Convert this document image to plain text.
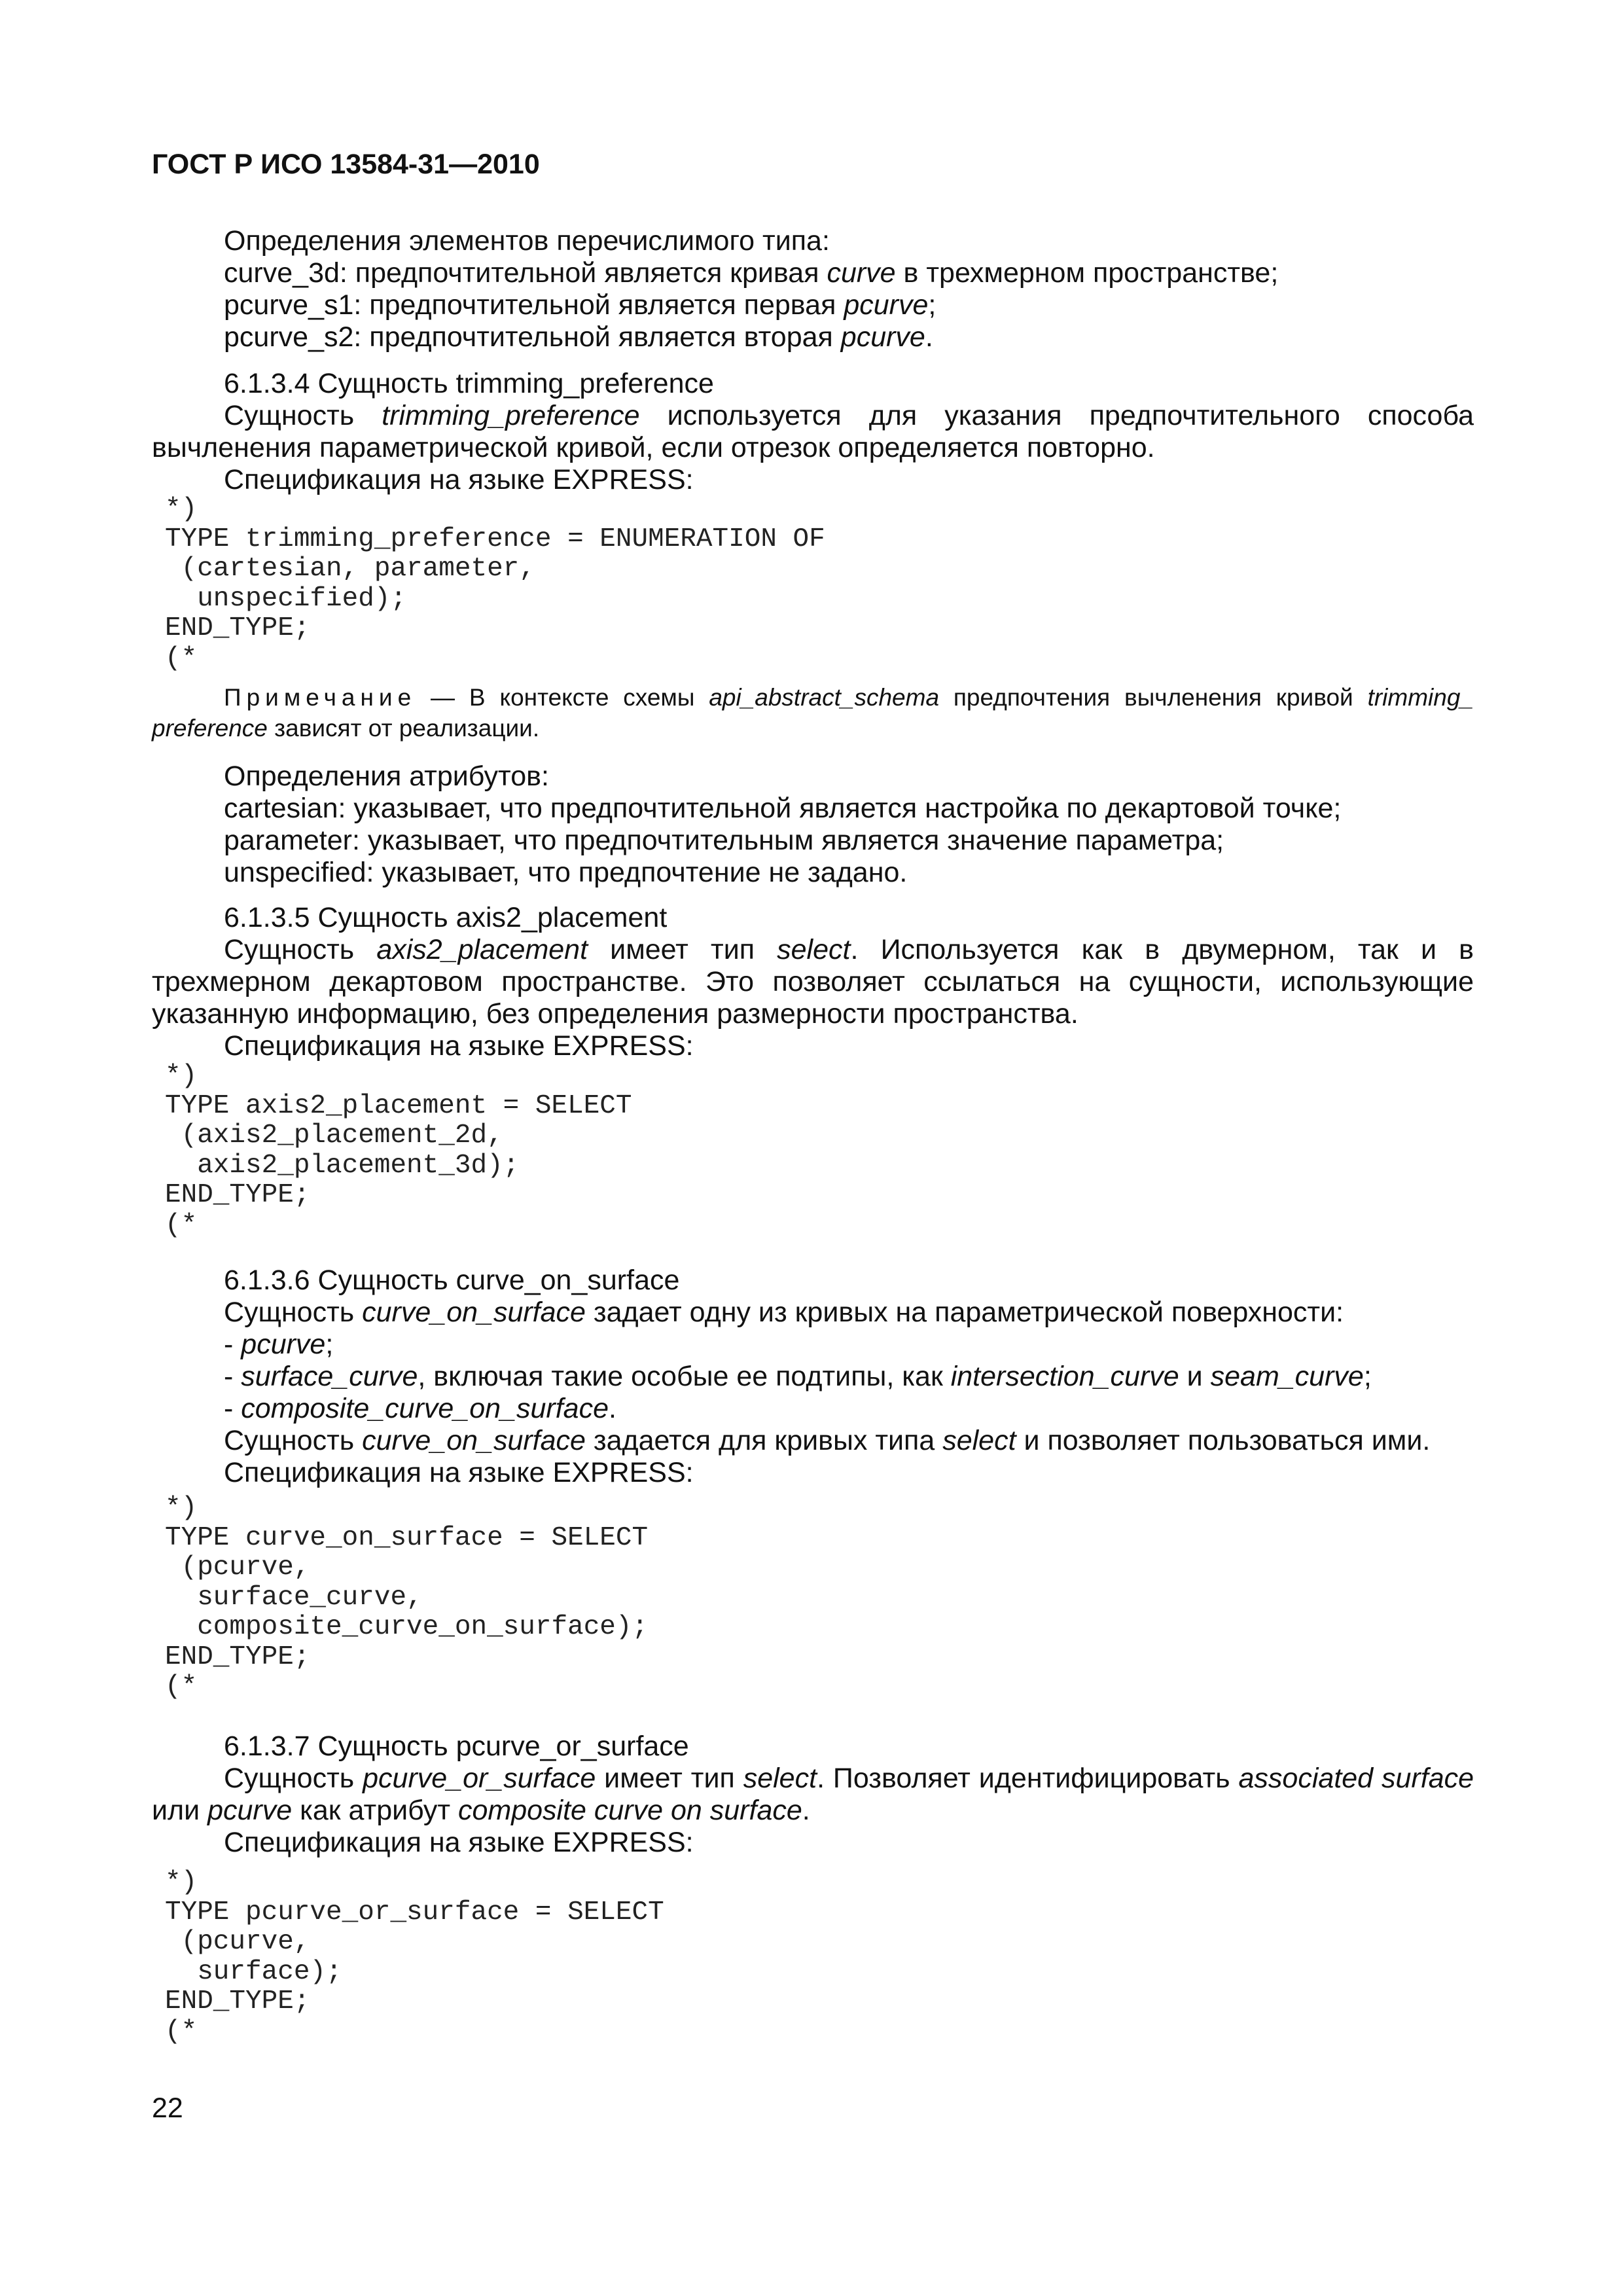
ГОСТ Р ИСО 13584-31—2010

Определения элементов перечислимого типа:

curve_3d: предпочтительной является кривая curve в трехмерном пространстве;

pcurve_s1: предпочтительной является первая pcurve;

pcurve_s2: предпочтительной является вторая pcurve.

6.1.3.4 Сущность trimming_preference

Сущность trimming_preference используется для указания предпочтительного способа вычленения параметрической кривой, если отрезок определяется повторно.

Спецификация на языке EXPRESS:

*)
TYPE trimming_preference = ENUMERATION OF
(cartesian, parameter,
unspecified);
END_TYPE;
(*

Примечание — В контексте схемы api_abstract_schema предпочтения вычленения кривой trimming_ preference зависят от реализации.

Определения атрибутов:

cartesian: указывает, что предпочтительной является настройка по декартовой точке;

parameter: указывает, что предпочтительным является значение параметра;

unspecified: указывает, что предпочтение не задано.

6.1.3.5 Сущность axis2_placement

Сущность axis2_placement имеет тип select. Используется как в двумерном, так и в трехмерном декартовом пространстве. Это позволяет ссылаться на сущности, использующие указанную информацию, без определения размерности пространства.

Спецификация на языке EXPRESS:

*)
TYPE axis2_placement = SELECT
(axis2_placement_2d,
axis2_placement_3d);
END_TYPE;
(*

6.1.3.6 Сущность curve_on_surface

Сущность curve_on_surface задает одну из кривых на параметрической поверхности:

- pcurve;

- surface_curve, включая такие особые ее подтипы, как intersection_curve и seam_curve;

- composite_curve_on_surface.

Сущность curve_on_surface задается для кривых типа select и позволяет пользоваться ими.

Спецификация на языке EXPRESS:

*)
TYPE curve_on_surface = SELECT
(pcurve,
surface_curve,
composite_curve_on_surface);
END_TYPE;
(*

6.1.3.7 Сущность pcurve_or_surface

Сущность pcurve_or_surface имеет тип select. Позволяет идентифицировать associated surface или pcurve как атрибут composite curve on surface.

Спецификация на языке EXPRESS:

*)
TYPE pcurve_or_surface = SELECT
(pcurve,
surface);
END_TYPE;
(*
22
